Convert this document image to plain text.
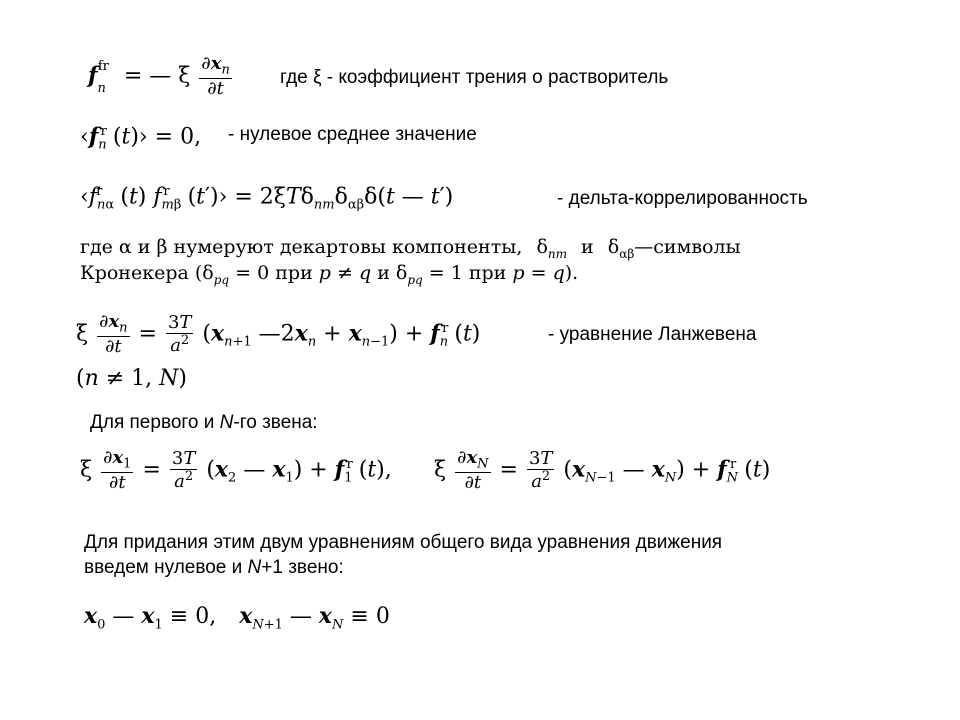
$f_n^{fr}$ = — ξ $\frac{\partial x_n}{\partial t}$	где ξ - коэффициент трения о растворитель
$‹f_n^r$ (t)› = 0, - нулевое среднее значение
$‹f_{n\alpha}^r$ (t) $f_{m\beta}^r$ (t′)› = $2\xi T\delta_{nm}\delta_{\alpha\beta}\delta(t$ — t′)	- дельта-коррелированность
где α и β нумеруют декартовы компоненты, $\delta_{nm}$ и $\delta_{\alpha\beta}—символы$
Кронекера ($\delta_{pq} = 0$ при p ≠ q и $\delta_{pq} = 1$ при p = q).
ξ $\frac{\partial x_n}{\partial t} = \frac{3T}{a^2} (x_{n+1}$ $—2x_n + x_{n-1}) + f_n^r$ (t)	- уравнение Ланжевена
(n ≠ 1, N)
Для первого и N-го звена:
ξ $\frac{\partial x_1}{\partial t} = \frac{3T}{a^2} (x_2$ — $x_1) + f_1^r$ (t), ξ $\frac{\partial x_N}{\partial t} = \frac{3T}{a^2} (x_{N-1}$ — $x_N) + f_N^r$ (t)
Для придания этим двум уравнениям общего вида уравнения движения
введем нулевое и N+1 звено:
$x_0$ — $x_1 \equiv 0$, $x_{N+1}$ — $x_N \equiv 0$
